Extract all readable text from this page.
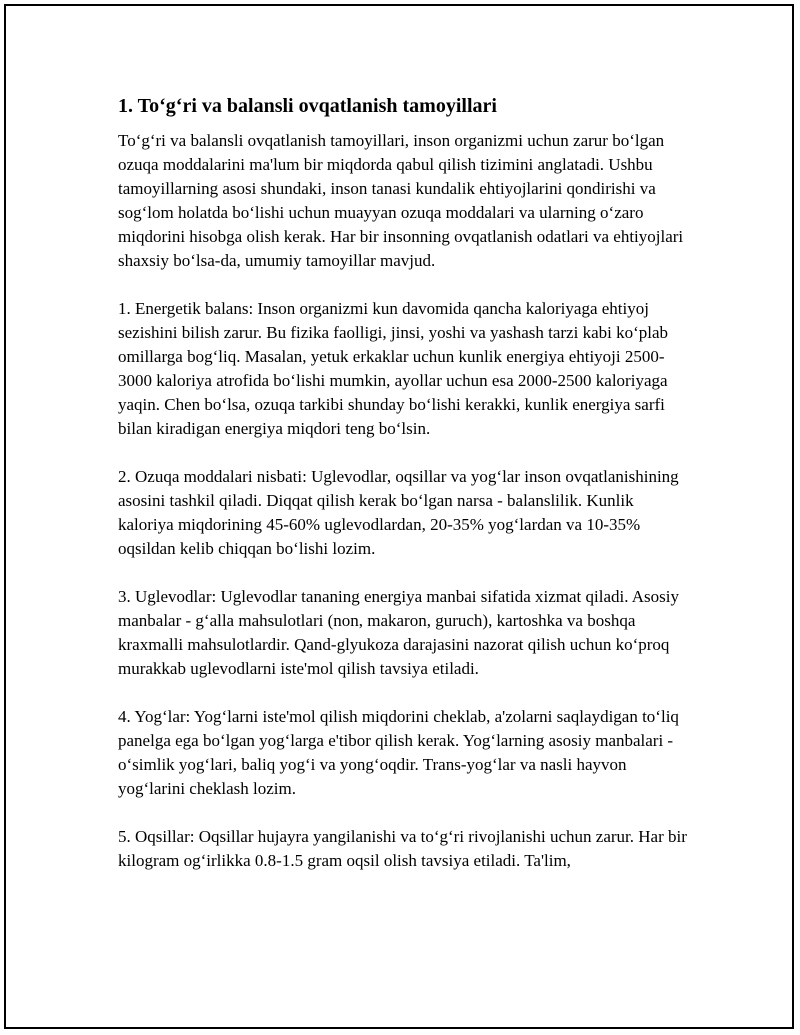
1. To‘g‘ri va balansli ovqatlanish tamoyillari

To‘g‘ri va balansli ovqatlanish tamoyillari, inson organizmi uchun zarur bo‘lgan ozuqa moddalarini ma'lum bir miqdorda qabul qilish tizimini anglatadi. Ushbu tamoyillarning asosi shundaki, inson tanasi kundalik ehtiyojlarini qondirishi va sog‘lom holatda bo‘lishi uchun muayyan ozuqa moddalari va ularning o‘zaro miqdorini hisobga olish kerak. Har bir insonning ovqatlanish odatlari va ehtiyojlari shaxsiy bo‘lsa-da, umumiy tamoyillar mavjud.

1. Energetik balans: Inson organizmi kun davomida qancha kaloriyaga ehtiyoj sezishini bilish zarur. Bu fizika faolligi, jinsi, yoshi va yashash tarzi kabi ko‘plab omillarga bog‘liq. Masalan, yetuk erkaklar uchun kunlik energiya ehtiyoji 2500-3000 kaloriya atrofida bo‘lishi mumkin, ayollar uchun esa 2000-2500 kaloriyaga yaqin. Chen bo‘lsa, ozuqa tarkibi shunday bo‘lishi kerakki, kunlik energiya sarfi bilan kiradigan energiya miqdori teng bo‘lsin.

2. Ozuqa moddalari nisbati: Uglevodlar, oqsillar va yog‘lar inson ovqatlanishining asosini tashkil qiladi. Diqqat qilish kerak bo‘lgan narsa - balanslilik. Kunlik kaloriya miqdorining 45-60% uglevodlardan, 20-35% yog‘lardan va 10-35% oqsildan kelib chiqqan bo‘lishi lozim.

3. Uglevodlar: Uglevodlar tananing energiya manbai sifatida xizmat qiladi. Asosiy manbalar - g‘alla mahsulotlari (non, makaron, guruch), kartoshka va boshqa kraxmalli mahsulotlardir. Qand-glyukoza darajasini nazorat qilish uchun ko‘proq murakkab uglevodlarni iste'mol qilish tavsiya etiladi.

4. Yog‘lar: Yog‘larni iste'mol qilish miqdorini cheklab, a'zolarni saqlaydigan to‘liq panelga ega bo‘lgan yog‘larga e'tibor qilish kerak. Yog‘larning asosiy manbalari - o‘simlik yog‘lari, baliq yog‘i va yong‘oqdir. Trans-yog‘lar va nasli hayvon yog‘larini cheklash lozim.

5. Oqsillar: Oqsillar hujayra yangilanishi va to‘g‘ri rivojlanishi uchun zarur. Har bir kilogram og‘irlikka 0.8-1.5 gram oqsil olish tavsiya etiladi. Ta'lim,
